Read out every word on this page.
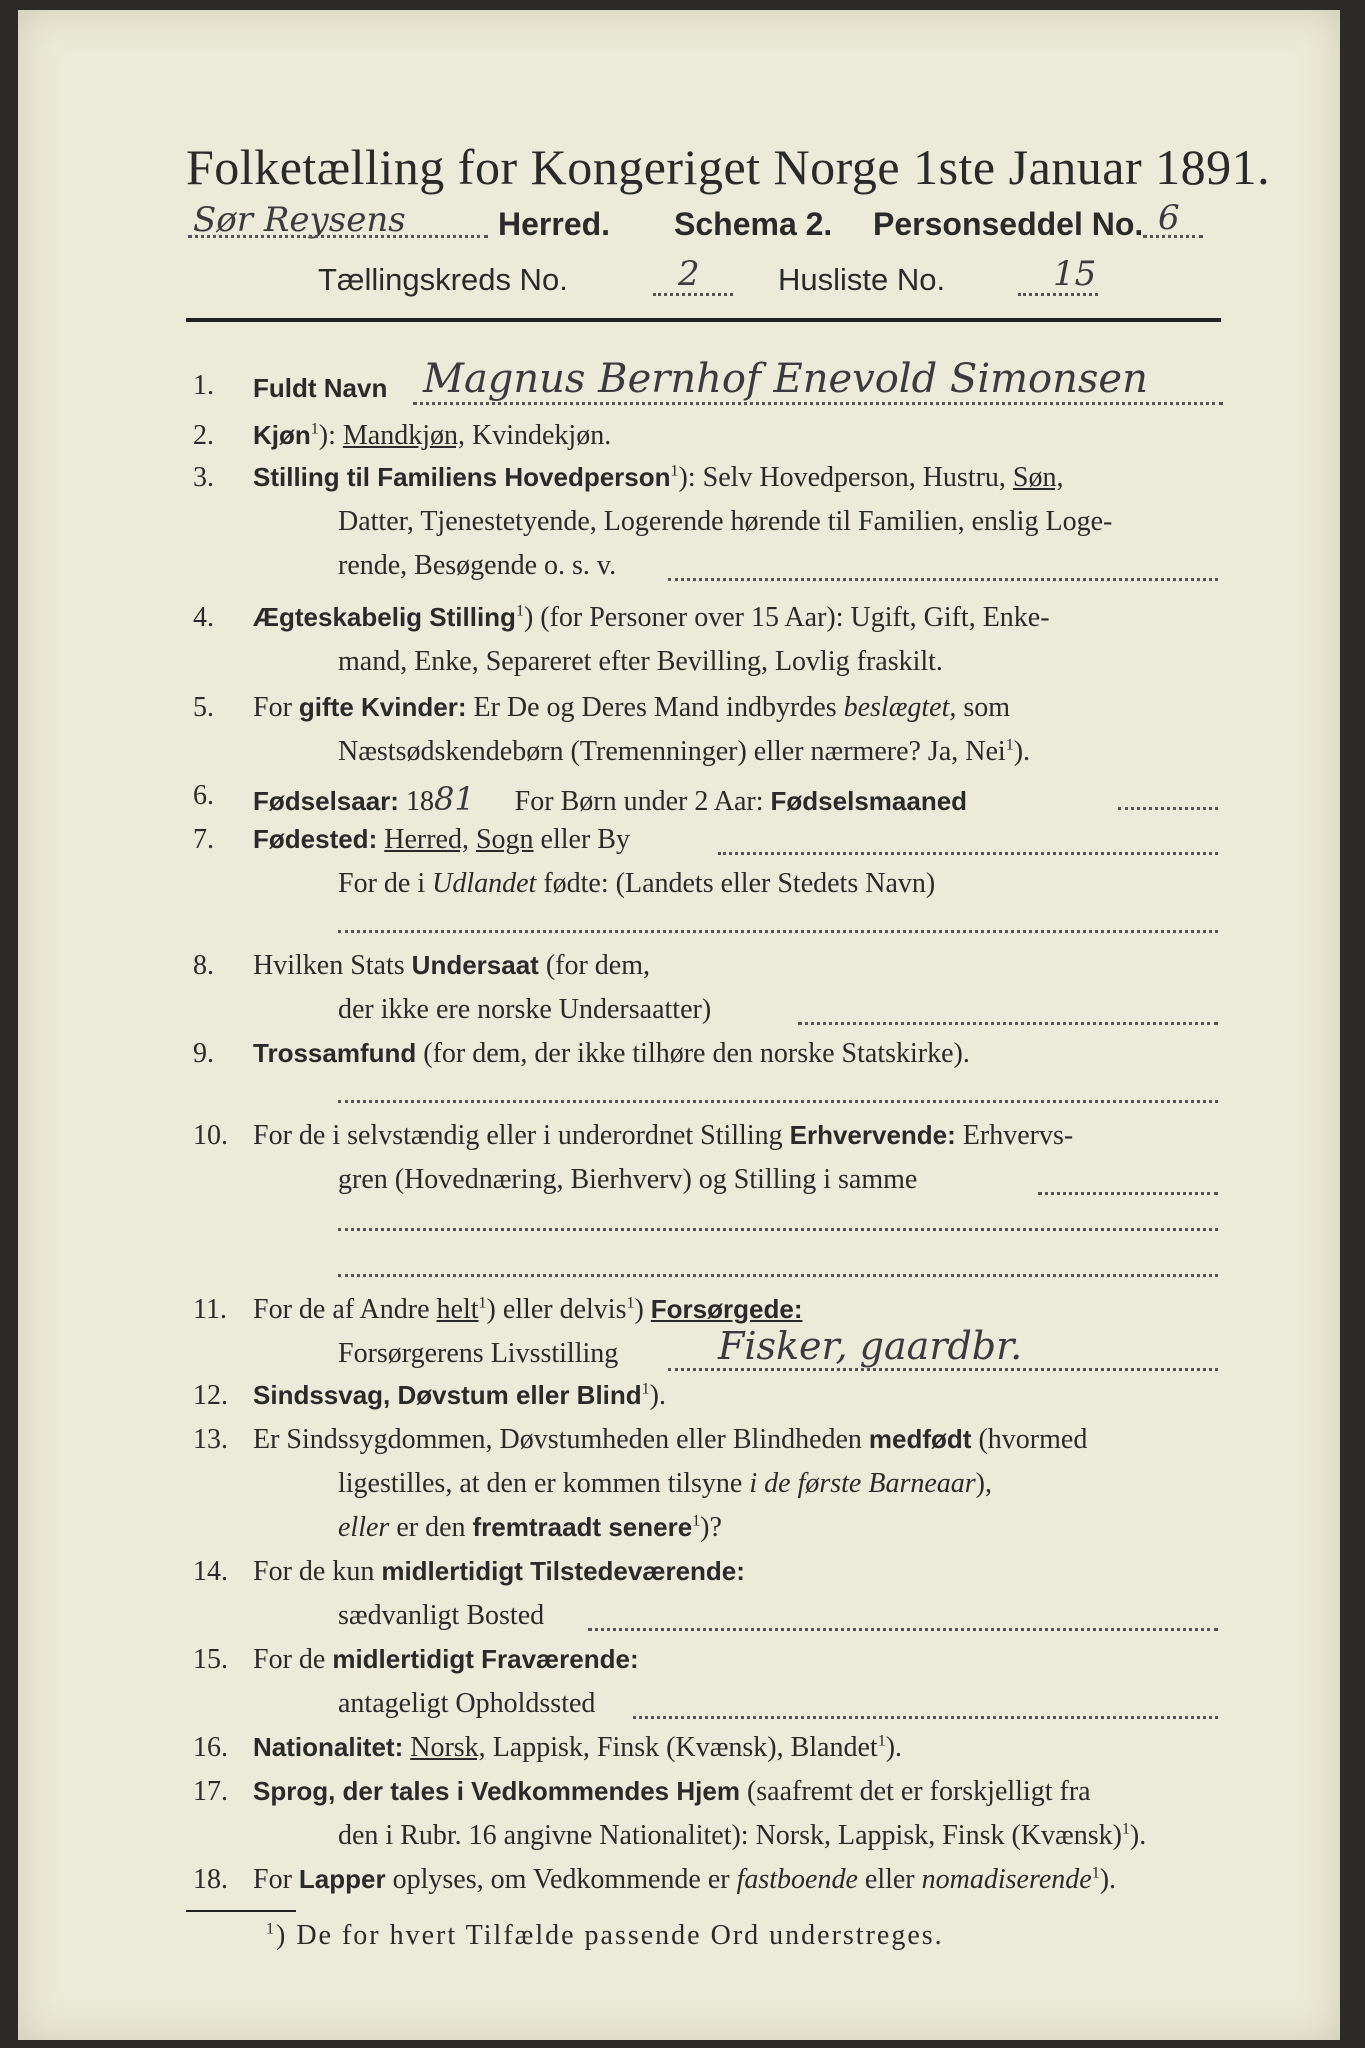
Folketælling for Kongeriget Norge 1ste Januar 1891.
Sør Reysens	Herred. Schema 2. Personseddel No. 6
Tællingskreds No.	2	Husliste No.	15
1. Fuldt Navn Magnus Bernhof Enevold Simonsen
2. Kjøn$^1$): Mandkjøn, Kvindekjøn.
3. Stilling til Familiens Hovedperson$^1$): Selv Hovedperson, Hustru, Søn,
Datter, Tjenestetyende, Logerende hørende til Familien, enslig Loge-
rende, Besøgende o. s. v.
4. Ægteskabelig Stilling$^1$) (for Personer over 15 Aar): Ugift, Gift, Enke-
mand, Enke, Separeret efter Bevilling, Lovlig fraskilt.
5. For gifte Kvinder: Er De og Deres Mand indbyrdes beslægtet, som
Næstsødskendebørn (Tremenninger) eller nærmere? Ja, Nei$^1$).
6. Fødselsaar: 1881 For Børn under 2 Aar: Fødselsmaaned
7. Fødested: Herred, Sogn eller By
For de i Udlandet fødte: (Landets eller Stedets Navn)
8. Hvilken Stats Undersaat (for dem,
der ikke ere norske Undersaatter)
9. Trossamfund (for dem, der ikke tilhøre den norske Statskirke).
10. For de i selvstændig eller i underordnet Stilling Erhvervende: Erhvervs-
gren (Hovednæring, Bierhverv) og Stilling i samme
11. For de af Andre helt$^1$) eller delvis$^1$) Forsørgede:
Forsørgerens Livsstilling	Fisker, gaardbr.
12. Sindssvag, Døvstum eller Blind$^1$).
13. Er Sindssygdommen, Døvstumheden eller Blindheden medfødt (hvormed
ligestilles, at den er kommen tilsyne i de første Barneaar),
eller er den fremtraadt senere$^1$)?
14. For de kun midlertidigt Tilstedeværende:
sædvanligt Bosted
15. For de midlertidigt Fraværende:
antageligt Opholdssted
16. Nationalitet: Norsk, Lappisk, Finsk (Kvænsk), Blandet$^1$).
17. Sprog, der tales i Vedkommendes Hjem (saafremt det er forskjelligt fra
den i Rubr. 16 angivne Nationalitet): Norsk, Lappisk, Finsk (Kvænsk)$^1$).
18. For Lapper oplyses, om Vedkommende er fastboende eller nomadiserende$^1$).
$^1$) De for hvert Tilfælde passende Ord understreges.
